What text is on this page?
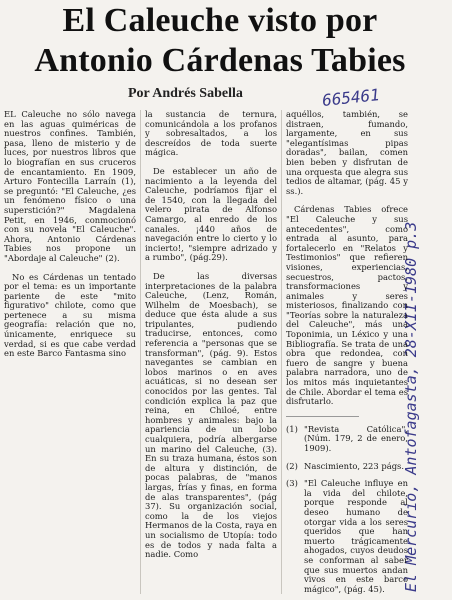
El Caleuche visto por
Antonio Cárdenas Tabies
Por Andrés Sabella	665461
El Mercurio, Antofagasta, 28-XII-1980 p.3

EL Caleuche no sólo navega en las aguas quiméricas de nuestros confines. También, pasa, lleno de misterio y de luces, por nuestros libros que lo biografían en sus cruceros de encantamiento. En 1909, Arturo Fontecilla Larraín (1), se preguntó: "El Caleuche, ¿es un fenómeno físico o una superstición?" Magdalena Petit, en 1946, conmocionó con su novela "El Caleuche". Ahora, Antonio Cárdenas Tabies nos propone un "Abordaje al Caleuche" (2).

No es Cárdenas un tentado por el tema: es un importante pariente de este "mito figurativo" chilote, como que pertenece a su misma geografía: relación que no, únicamente, enriquece su verdad, si es que cabe verdad en este Barco Fantasma sino

la sustancia de ternura, comunicándola a los profanos y sobresaltados, a los descreídos de toda suerte mágica.

De establecer un año de nacimiento a la leyenda del Caleuche, podríamos fijar el de 1540, con la llegada del velero pirata de Alfonso Camargo, al enredo de los canales. ¡440 años de navegación entre lo cierto y lo incierto!, "siempre adrizado y a rumbo", (pág.29).

De las diversas interpretaciones de la palabra Caleuche, (Lenz, Román, Wilhelm de Moesbach), se deduce que ésta alude a sus tripulantes, pudiendo traducirse, entonces, como referencia a "personas que se transforman", (pág. 9). Estos navegantes se cambian en lobos marinos o en aves acuáticas, si no desean ser conocidos por las gentes. Tal condición explica la paz que reina, en Chiloé, entre hombres y animales: bajo la apariencia de un lobo cualquiera, podría albergarse un marino del Caleuche, (3). En su traza humana, éstos son de altura y distinción, de pocas palabras, de "manos largas, frías y finas, en forma de alas transparentes", (pág 37). Su organización social, como la de los viejos Hermanos de la Costa, raya en un socialismo de Utopía: todo es de todos y nada falta a nadie. Como

aquéllos, también, se distraen, fumando, largamente, en sus "elegantísimas pipas doradas", bailan, comen bien beben y disfrutan de una orquesta que alegra sus tedios de altamar, (pág. 45 y ss.).

Cárdenas Tabies ofrece "El Caleuche y sus antecedentes", como entrada al asunto, para fortalecerlo en "Relatos y Testimonios" que refieren visiones, experiencias, secuestros, pactos, transformaciones y animales y seres misteriosos, finalizando con "Teorías sobre la naturaleza del Caleuche", más una Toponimia, un Léxico y una Bibliografía. Se trata de una obra que redondea, con fuero de sangre y buena palabra narradora, uno de los mitos más inquietantes de Chile. Abordar el tema es disfrutarlo.

(1) "Revista Católica", (Núm. 179, 2 de enero, 1909).
(2) Nascimiento, 223 págs.
(3) "El Caleuche influye en la vida del chilote, porque responde al deseo humano de otorgar vida a los seres queridos que han muerto trágicamente ahogados, cuyos deudos se conforman al saber que sus muertos andan vivos en este barco mágico", (pág. 45).
